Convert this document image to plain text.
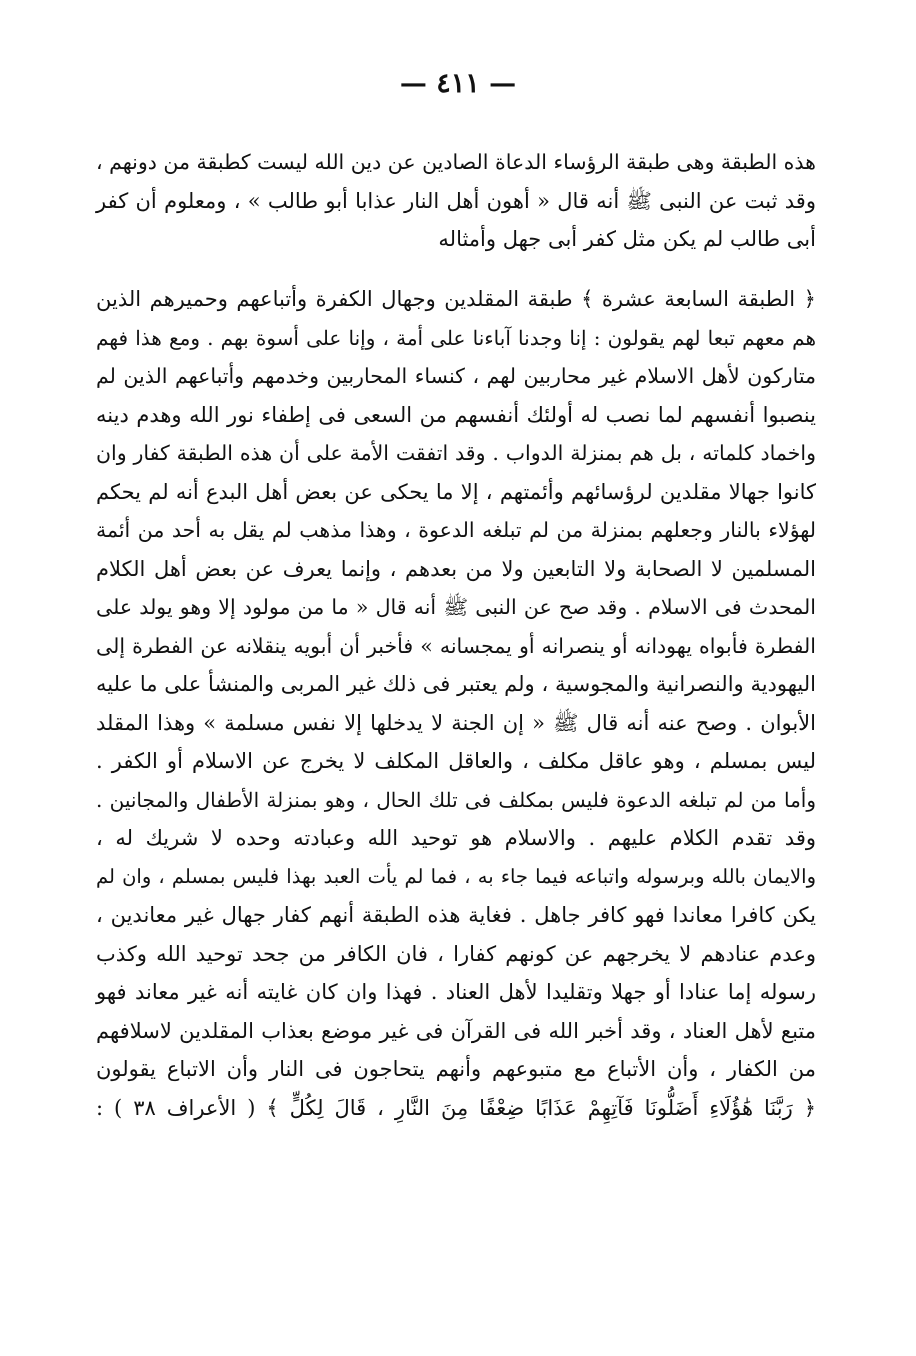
— ٤١١ —
هذه الطبقة وهى طبقة الرؤساء الدعاة الصادين عن دين الله ليست كطبقة من دونهم ،
وقد ثبت عن النبى ﷺ أنه قال « أهون أهل النار عذابا أبو طالب » ، ومعلوم أن كفر
أبى طالب لم يكن مثل كفر أبى جهل وأمثاله
﴿ الطبقة السابعة عشرة ﴾ طبقة المقلدين وجهال الكفرة وأتباعهم وحميرهم الذين
هم معهم تبعا لهم يقولون : إنا وجدنا آباءنا على أمة ، وإنا على أسوة بهم . ومع هذا فهم
متاركون لأهل الاسلام غير محاربين لهم ، كنساء المحاربين وخدمهم وأتباعهم الذين لم
ينصبوا أنفسهم لما نصب له أولئك أنفسهم من السعى فى إطفاء نور الله وهدم دينه
واخماد كلماته ، بل هم بمنزلة الدواب . وقد اتفقت الأمة على أن هذه الطبقة كفار وان
كانوا جهالا مقلدين لرؤسائهم وأئمتهم ، إلا ما يحكى عن بعض أهل البدع أنه لم يحكم
لهؤلاء بالنار وجعلهم بمنزلة من لم تبلغه الدعوة ، وهذا مذهب لم يقل به أحد من أئمة
المسلمين لا الصحابة ولا التابعين ولا من بعدهم ، وإنما يعرف عن بعض أهل الكلام
المحدث فى الاسلام . وقد صح عن النبى ﷺ أنه قال « ما من مولود إلا وهو يولد على
الفطرة فأبواه يهودانه أو ينصرانه أو يمجسانه » فأخبر أن أبويه ينقلانه عن الفطرة إلى
اليهودية والنصرانية والمجوسية ، ولم يعتبر فى ذلك غير المربى والمنشأ على ما عليه
الأبوان . وصح عنه أنه قال ﷺ « إن الجنة لا يدخلها إلا نفس مسلمة » وهذا المقلد
ليس بمسلم ، وهو عاقل مكلف ، والعاقل المكلف لا يخرج عن الاسلام أو الكفر .
وأما من لم تبلغه الدعوة فليس بمكلف فى تلك الحال ، وهو بمنزلة الأطفال والمجانين .
وقد تقدم الكلام عليهم . والاسلام هو توحيد الله وعبادته وحده لا شريك له ،
والايمان بالله وبرسوله واتباعه فيما جاء به ، فما لم يأت العبد بهذا فليس بمسلم ، وان لم
يكن كافرا معاندا فهو كافر جاهل . فغاية هذه الطبقة أنهم كفار جهال غير معاندين ،
وعدم عنادهم لا يخرجهم عن كونهم كفارا ، فان الكافر من جحد توحيد الله وكذب
رسوله إما عنادا أو جهلا وتقليدا لأهل العناد . فهذا وان كان غايته أنه غير معاند فهو
متبع لأهل العناد ، وقد أخبر الله فى القرآن فى غير موضع بعذاب المقلدين لاسلافهم
من الكفار ، وأن الأتباع مع متبوعهم وأنهم يتحاجون فى النار وأن الاتباع يقولون
﴿ رَبَّنَا هَٰؤُلَاءِ أَضَلُّونَا فَآتِهِمْ عَذَابًا ضِعْفًا مِنَ النَّارِ ، قَالَ لِكُلٍّ ﴾ ( الأعراف ٣٨ ) :
